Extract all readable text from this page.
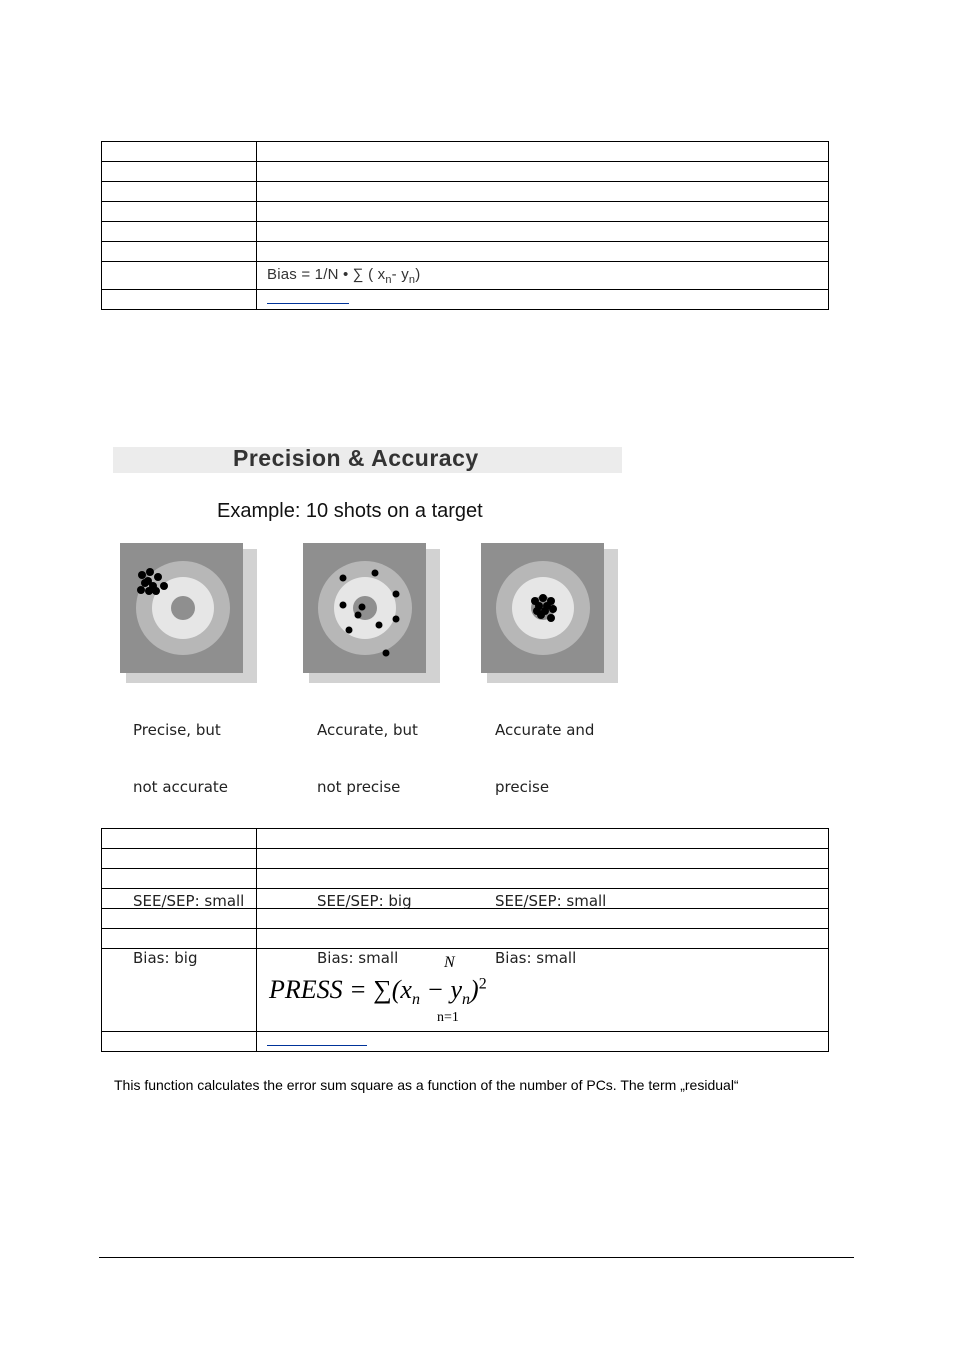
	Bias = 1/N • ∑ ( $x_n-$ $y_n$)

Precision & Accuracy
Example: 10 shots on a target

Precise, but

not accurate

SEE/SEP: small

Bias: big

Accurate, but

not precise

SEE/SEP: big

Bias: small

Accurate and

precise

SEE/SEP: small

Bias: small

	N
PRESS = $\sum(x_n - y_n)^2$
n=1

This function calculates the error sum square as a function of the number of PCs. The term „residual“
